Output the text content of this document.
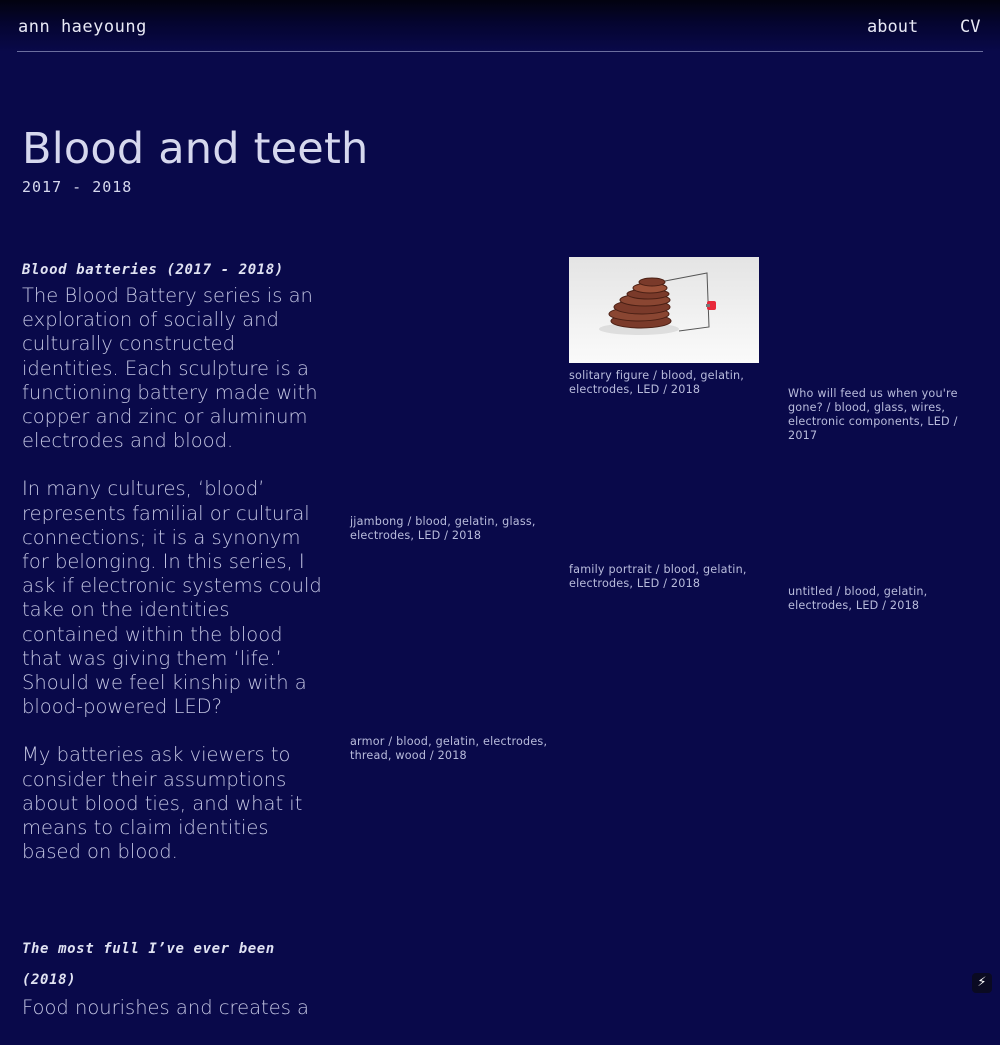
ann haeyoung	about CV
Blood and teeth
2017 - 2018
Blood batteries (2017 - 2018)

The Blood Battery series is an exploration of socially and culturally constructed identities. Each sculpture is a functioning battery made with copper and zinc or aluminum electrodes and blood.

In many cultures, ‘blood’ represents familial or cultural connections; it is a synonym for belonging. In this series, I ask if electronic systems could take on the identities contained within the blood that was giving them ‘life.’ Should we feel kinship with a blood-powered LED?

My batteries ask viewers to consider their assumptions about blood ties, and what it means to claim identities based on blood.

The most full I’ve ever been (2018)

Food nourishes and creates a

solitary figure / blood, gelatin, electrodes, LED / 2018	Who will feed us when you're gone? / blood, glass, wires, electronic components, LED / 2017
jjambong / blood, gelatin, glass, electrodes, LED / 2018
family portrait / blood, gelatin, electrodes, LED / 2018
untitled / blood, gelatin, electrodes, LED / 2018
armor / blood, gelatin, electrodes, thread, wood / 2018
⚡
